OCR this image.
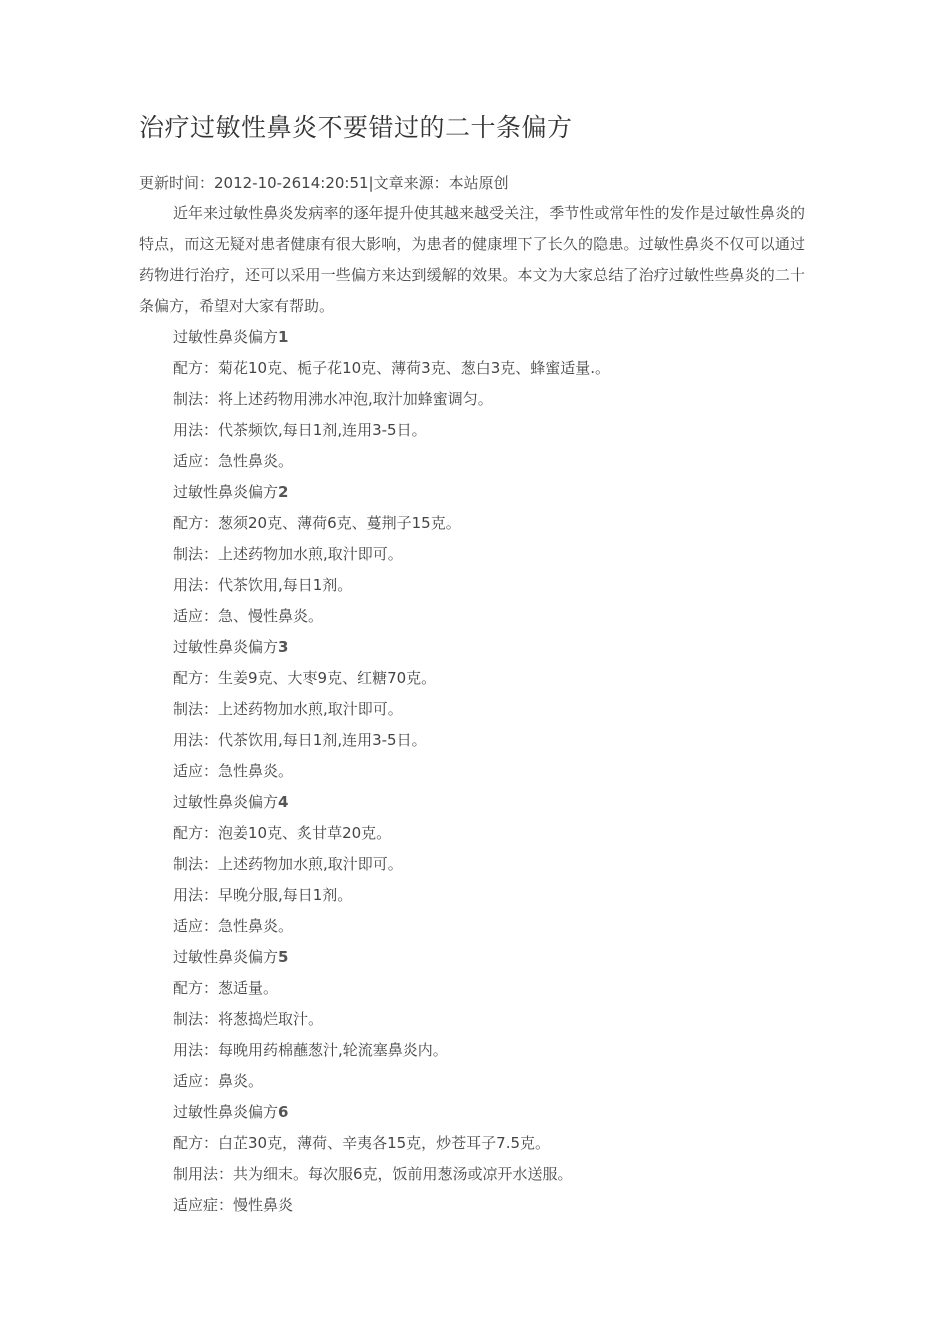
治疗过敏性鼻炎不要错过的二十条偏方
更新时间：2012-10-2614:20:51|文章来源：本站原创

近年来过敏性鼻炎发病率的逐年提升使其越来越受关注，季节性或常年性的发作是过敏性鼻炎的特点，而这无疑对患者健康有很大影响，为患者的健康埋下了长久的隐患。过敏性鼻炎不仅可以通过药物进行治疗，还可以采用一些偏方来达到缓解的效果。本文为大家总结了治疗过敏性些鼻炎的二十条偏方，希望对大家有帮助。

过敏性鼻炎偏方1
配方：菊花10克、栀子花10克、薄荷3克、葱白3克、蜂蜜适量.。
制法：将上述药物用沸水冲泡,取汁加蜂蜜调匀。
用法：代茶频饮,每日1剂,连用3-5日。
适应：急性鼻炎。
过敏性鼻炎偏方2
配方：葱须20克、薄荷6克、蔓荆子15克。
制法：上述药物加水煎,取汁即可。
用法：代茶饮用,每日1剂。
适应：急、慢性鼻炎。
过敏性鼻炎偏方3
配方：生姜9克、大枣9克、红糖70克。
制法：上述药物加水煎,取汁即可。
用法：代茶饮用,每日1剂,连用3-5日。
适应：急性鼻炎。
过敏性鼻炎偏方4
配方：泡姜10克、炙甘草20克。
制法：上述药物加水煎,取汁即可。
用法：早晚分服,每日1剂。
适应：急性鼻炎。
过敏性鼻炎偏方5
配方：葱适量。
制法：将葱捣烂取汁。
用法：每晚用药棉蘸葱汁,轮流塞鼻炎内。
适应：鼻炎。
过敏性鼻炎偏方6
配方：白芷30克，薄荷、辛夷各15克，炒苍耳子7.5克。
制用法：共为细末。每次服6克，饭前用葱汤或凉开水送服。
适应症：慢性鼻炎
